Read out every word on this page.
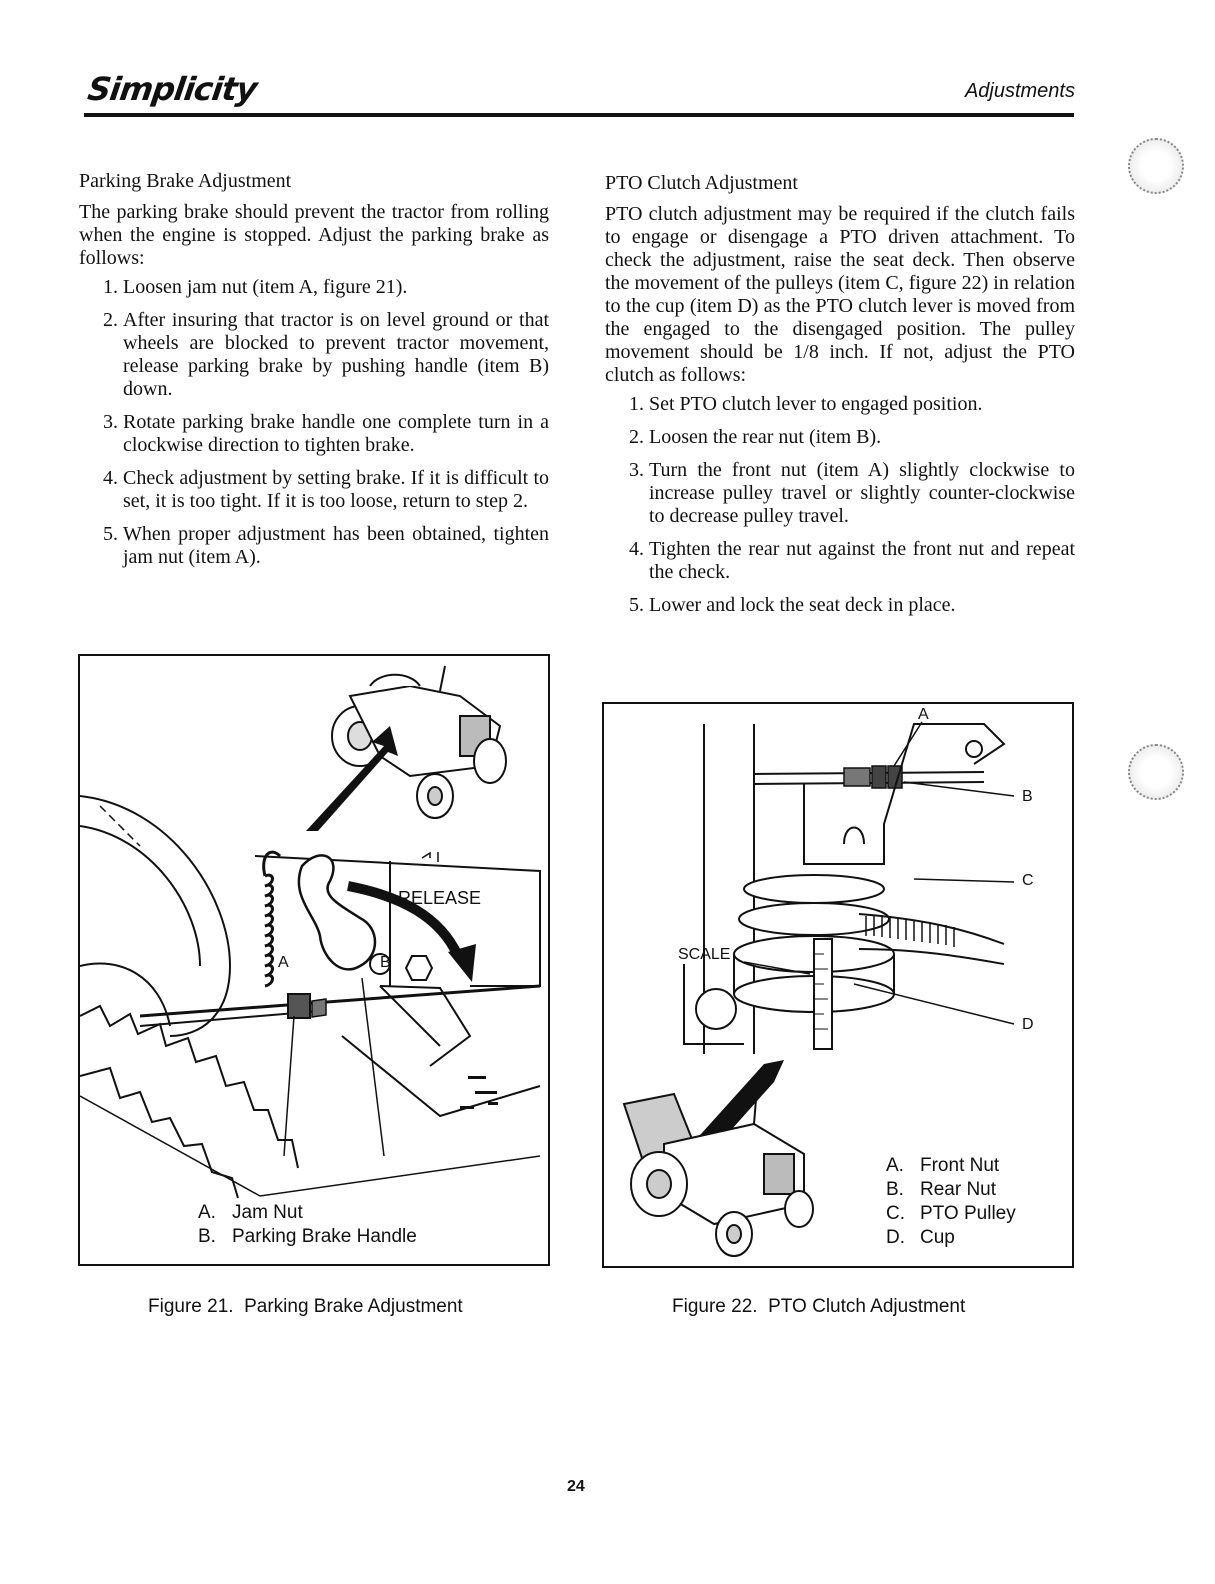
Simplicity	Adjustments
Parking Brake Adjustment
The parking brake should prevent the tractor from rolling when the engine is stopped. Adjust the parking brake as follows:
1. Loosen jam nut (item A, figure 21).
2. After insuring that tractor is on level ground or that wheels are blocked to prevent tractor movement, release parking brake by pushing handle (item B) down.
3. Rotate parking brake handle one complete turn in a clockwise direction to tighten brake.
4. Check adjustment by setting brake. If it is difficult to set, it is too tight. If it is too loose, return to step 2.
5. When proper adjustment has been obtained, tighten jam nut (item A).
PTO Clutch Adjustment
PTO clutch adjustment may be required if the clutch fails to engage or disengage a PTO driven attachment. To check the adjustment, raise the seat deck. Then observe the movement of the pulleys (item C, figure 22) in relation to the cup (item D) as the PTO clutch lever is moved from the engaged to the disengaged position. The pulley movement should be 1/8 inch. If not, adjust the PTO clutch as follows:
1. Set PTO clutch lever to engaged position.
2. Loosen the rear nut (item B).
3. Turn the front nut (item A) slightly clockwise to increase pulley travel or slightly counter-clockwise to decrease pulley travel.
4. Tighten the rear nut against the front nut and repeat the check.
5. Lower and lock the seat deck in place.
RELEASE
A	B
A. Jam Nut
B. Parking Brake Handle
A
B
C
D
SCALE
A. Front Nut
B. Rear Nut
C. PTO Pulley
D. Cup
Figure 21.  Parking Brake Adjustment	Figure 22.  PTO Clutch Adjustment
24
